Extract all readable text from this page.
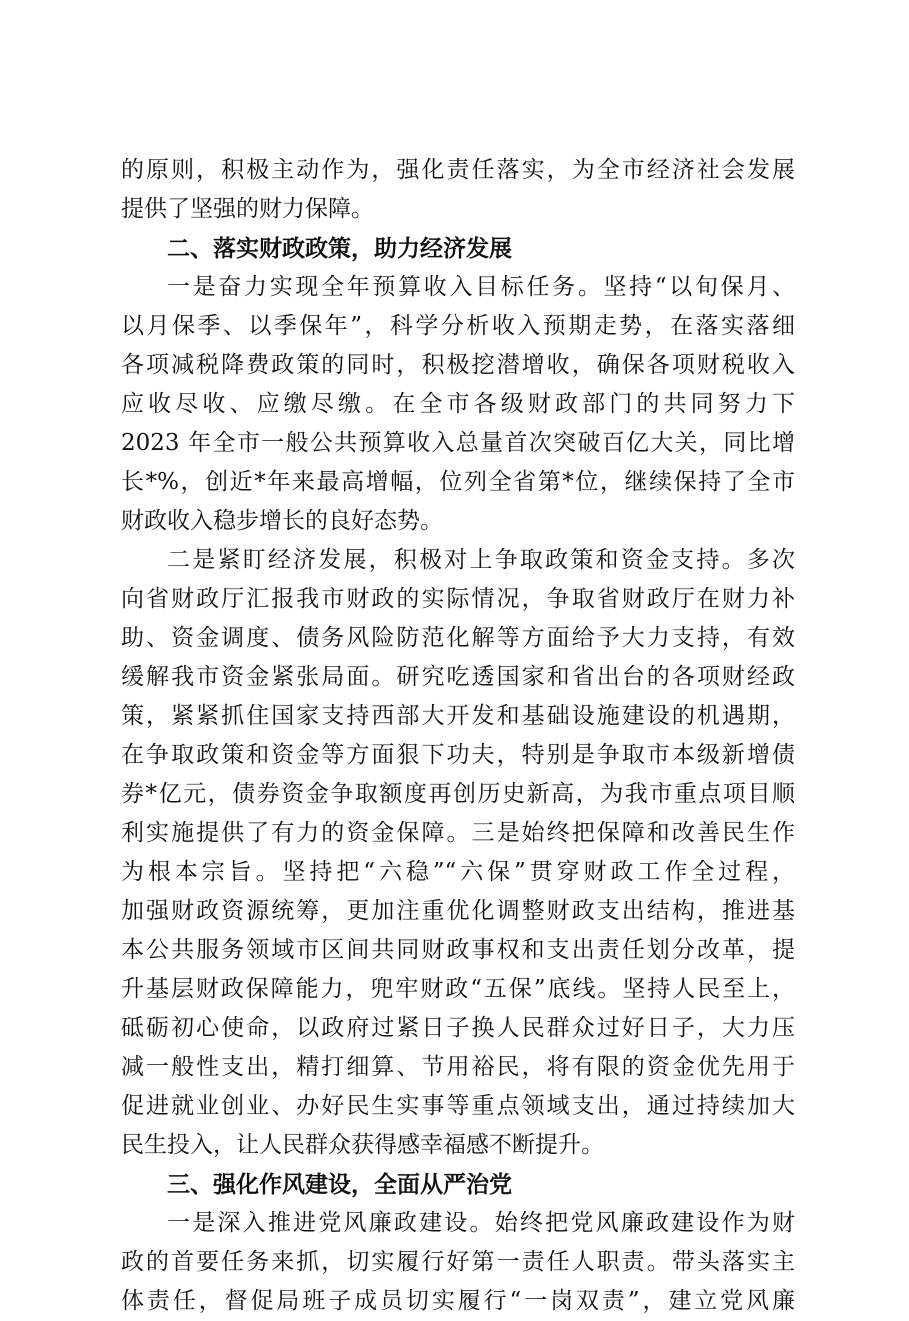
的原则，积极主动作为，强化责任落实，为全市经济社会发展
提供了坚强的财力保障。
二、落实财政政策，助力经济发展
一是奋力实现全年预算收入目标任务。坚持“以旬保月、
以月保季、以季保年”，科学分析收入预期走势，在落实落细
各项减税降费政策的同时，积极挖潜增收，确保各项财税收入
应收尽收、应缴尽缴。在全市各级财政部门的共同努力下
2023 年全市一般公共预算收入总量首次突破百亿大关，同比增
长*%，创近*年来最高增幅，位列全省第*位，继续保持了全市
财政收入稳步增长的良好态势。
二是紧盯经济发展，积极对上争取政策和资金支持。多次
向省财政厅汇报我市财政的实际情况，争取省财政厅在财力补
助、资金调度、债务风险防范化解等方面给予大力支持，有效
缓解我市资金紧张局面。研究吃透国家和省出台的各项财经政
策，紧紧抓住国家支持西部大开发和基础设施建设的机遇期，
在争取政策和资金等方面狠下功夫，特别是争取市本级新增债
券*亿元，债券资金争取额度再创历史新高，为我市重点项目顺
利实施提供了有力的资金保障。三是始终把保障和改善民生作
为根本宗旨。坚持把“六稳”“六保”贯穿财政工作全过程，
加强财政资源统筹，更加注重优化调整财政支出结构，推进基
本公共服务领域市区间共同财政事权和支出责任划分改革，提
升基层财政保障能力，兜牢财政“五保”底线。坚持人民至上，
砥砺初心使命，以政府过紧日子换人民群众过好日子，大力压
减一般性支出，精打细算、节用裕民，将有限的资金优先用于
促进就业创业、办好民生实事等重点领域支出，通过持续加大
民生投入，让人民群众获得感幸福感不断提升。
三、强化作风建设，全面从严治党
一是深入推进党风廉政建设。始终把党风廉政建设作为财
政的首要任务来抓，切实履行好第一责任人职责。带头落实主
体责任，督促局班子成员切实履行“一岗双责”，建立党风廉
